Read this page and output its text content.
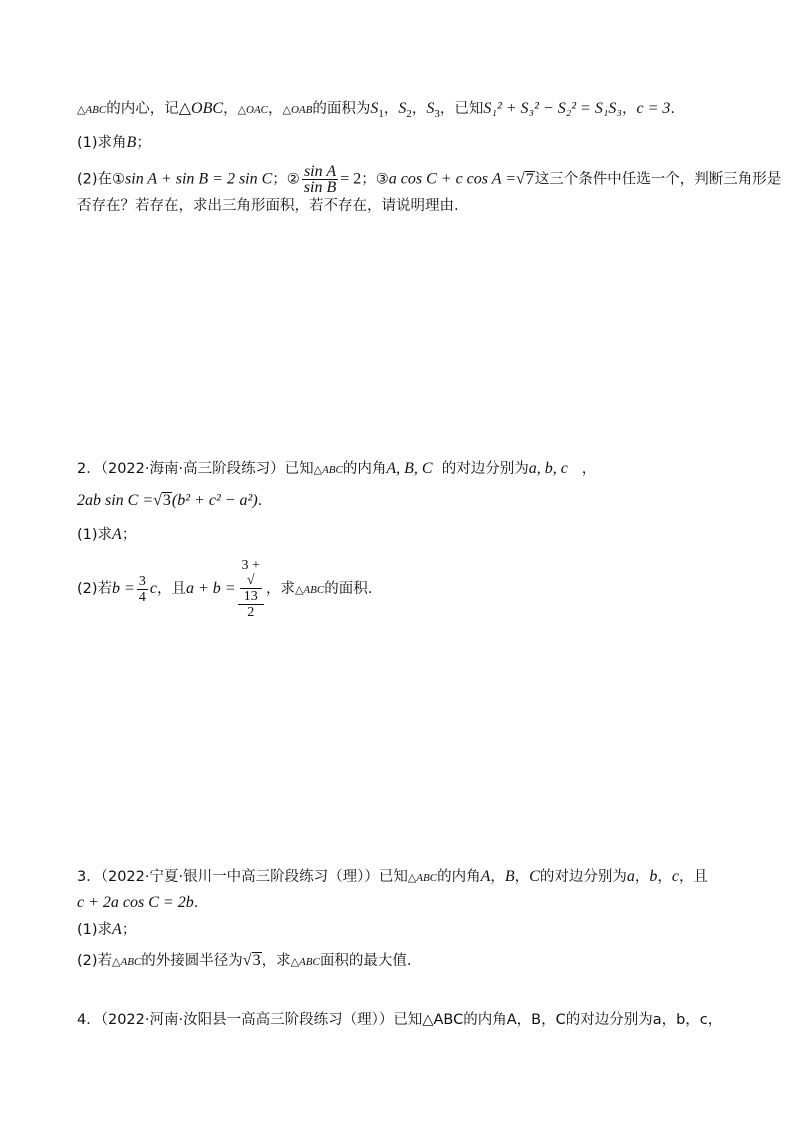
△ABC的内心，记△OBC，△OAC，△OAB的面积为$S_1$，$S_2$，$S_3$，已知S₁² + S₃² − S₂² = S₁S₃，c = 3.
(1)求角B；
(2)在①sin A + sin B = 2 sin C；② $\frac{\text{sin A}}{\text{sin B}} = 2$；③a cos C + c cos A =√7这三个条件中任选一个，判断三角形是
否存在？若存在，求出三角形面积，若不存在，请说明理由.
2．（2022·海南·高三阶段练习）已知△ABC的内角A, B, C 的对边分别为a, b, c ，
2ab sin C =√3(b² + c² − a²).
(1)求A；
(2)若$b = \frac{3}{4}$ c，且a + b = 3 +
√
13
2 ，求△ABC的面积.
3．（2022·宁夏·银川一中高三阶段练习（理））已知△ABC的内角A，B，C的对边分别为a，b，c，且
c + 2a cos C = 2b.
(1)求A；
(2)若△ABC的外接圆半径为√3，求△ABC面积的最大值.
4．（2022·河南·汝阳县一高高三阶段练习（理））已知△ABC的内角A，B，C的对边分别为a，b，c，
